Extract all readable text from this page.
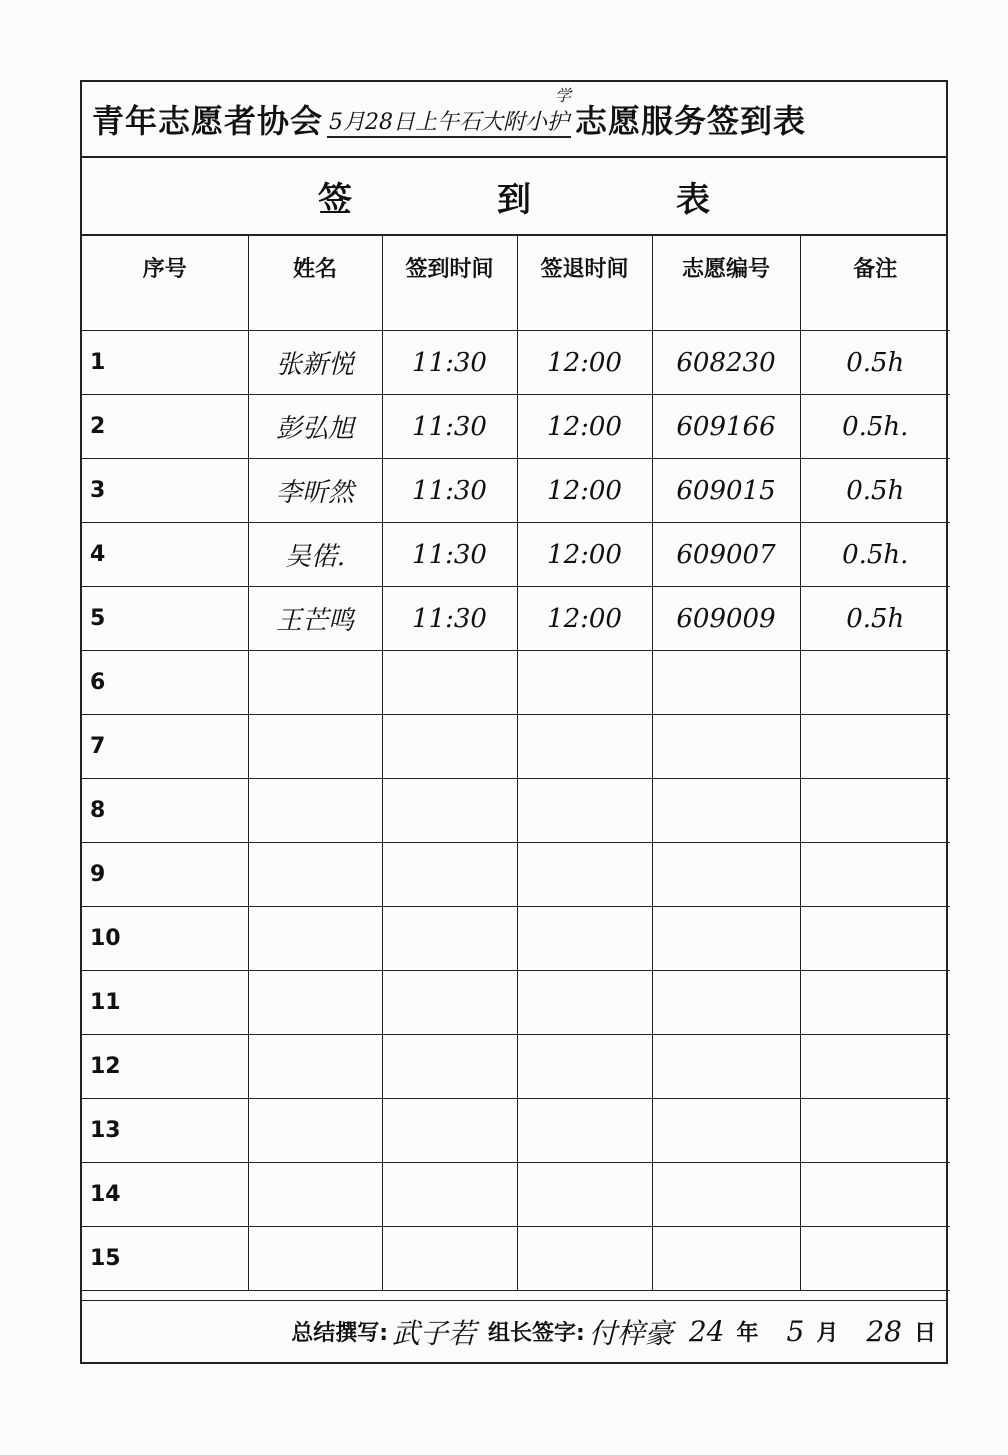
青年志愿者协会 5月28日上午石大附小护
学
志愿服务签到表
签到表
序号	姓名	签到时间	签退时间	志愿编号	备注
1	张新悦	11:30	12:00	608230	0.5h
2	彭弘旭	11:30	12:00	609166	0.5h.
3	李昕然	11:30	12:00	609015	0.5h
4	吴偌.	11:30	12:00	609007	0.5h.
5	王芒鸣	11:30	12:00	609009	0.5h
6					
7					
8					
9					
10					
11					
12					
13					
14					
15					
总结撰写: 武子若 组长签字: 付梓豪 24 年 5 月 28 日
